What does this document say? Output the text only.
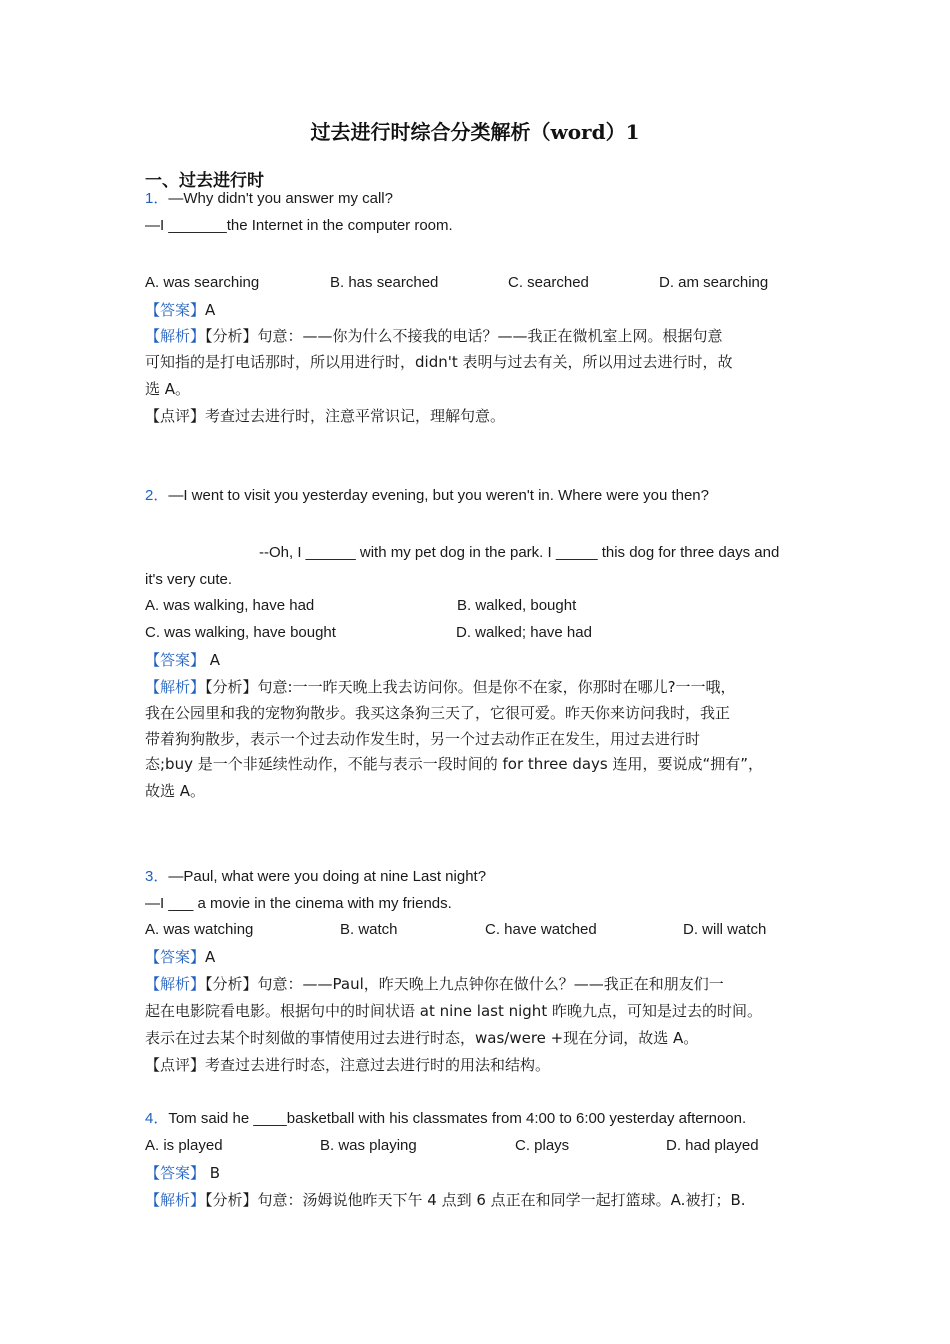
过去进行时综合分类解析（word）1
一、过去进行时
1．—Why didn't you answer my call?
—I _______the Internet in the computer room.
A. was searching	B. has searched	C. searched	D. am searching
【答案】A
【解析】【分析】句意：——你为什么不接我的电话？——我正在微机室上网。根据句意
可知指的是打电话那时，所以用进行时，didn't 表明与过去有关，所以用过去进行时，故
选 A。
【点评】考查过去进行时，注意平常识记，理解句意。
2．—I went to visit you yesterday evening, but you weren't in. Where were you then?
--Oh, I ______ with my pet dog in the park. I _____ this dog for three days and
it's very cute.
A. was walking, have had	B. walked, bought
C. was walking, have bought	D. walked; have had
【答案】 A
【解析】【分析】句意:一一昨天晚上我去访问你。但是你不在家，你那时在哪儿?一一哦，
我在公园里和我的宠物狗散步。我买这条狗三天了，它很可爱。昨天你来访问我时，我正
带着狗狗散步，表示一个过去动作发生时，另一个过去动作正在发生，用过去进行时
态;buy 是一个非延续性动作，不能与表示一段时间的 for three days 连用，要说成“拥有”，
故选 A。
3．—Paul, what were you doing at nine Last night?
—I ___ a movie in the cinema with my friends.
A. was watching	B. watch	C. have watched	D. will watch
【答案】A
【解析】【分析】句意：——Paul，昨天晚上九点钟你在做什么？——我正在和朋友们一
起在电影院看电影。根据句中的时间状语 at nine last night 昨晚九点，可知是过去的时间。
表示在过去某个时刻做的事情使用过去进行时态，was/were +现在分词，故选 A。
【点评】考查过去进行时态，注意过去进行时的用法和结构。
4．Tom said he ____basketball with his classmates from 4:00 to 6:00 yesterday afternoon.
A. is played	B. was playing	C. plays	D. had played
【答案】 B
【解析】【分析】句意：汤姆说他昨天下午 4 点到 6 点正在和同学一起打篮球。A.被打；B.
